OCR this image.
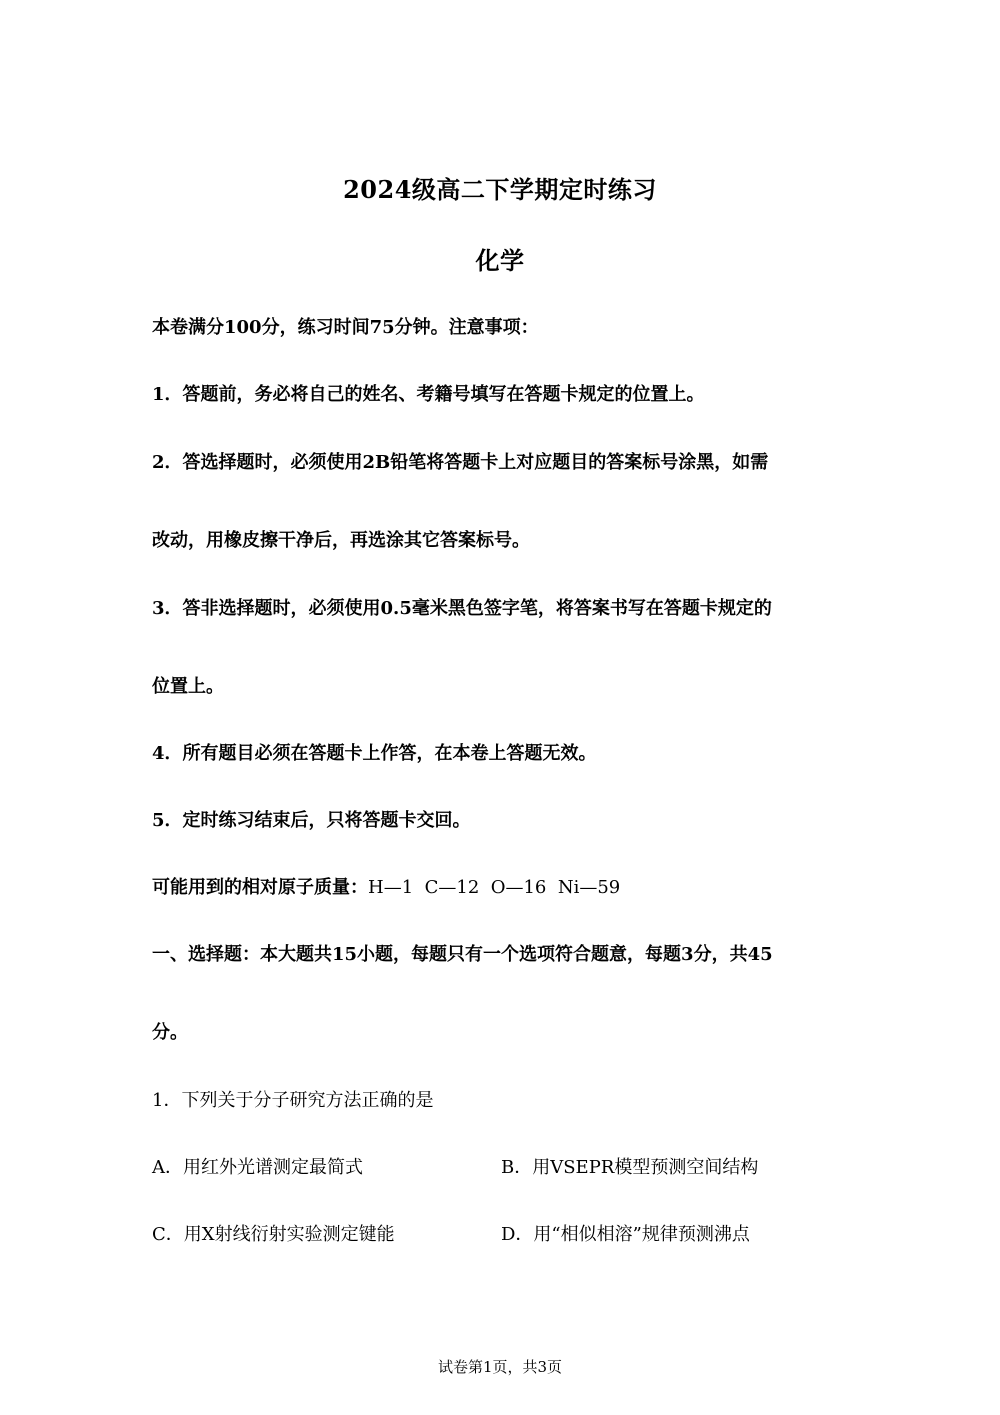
2024级高二下学期定时练习
化学
本卷满分100分，练习时间75分钟。注意事项：
1．答题前，务必将自己的姓名、考籍号填写在答题卡规定的位置上。
2．答选择题时，必须使用2B铅笔将答题卡上对应题目的答案标号涂黑，如需
改动，用橡皮擦干净后，再选涂其它答案标号。
3．答非选择题时，必须使用0.5毫米黑色签字笔，将答案书写在答题卡规定的
位置上。
4．所有题目必须在答题卡上作答，在本卷上答题无效。
5．定时练习结束后，只将答题卡交回。
可能用到的相对原子质量：H—1  C—12  O—16  Ni—59
一、选择题：本大题共15小题，每题只有一个选项符合题意，每题3分，共45
分。
1．下列关于分子研究方法正确的是
A．用红外光谱测定最简式	B．用VSEPR模型预测空间结构
C．用X射线衍射实验测定键能	D．用“相似相溶”规律预测沸点
试卷第1页，共3页
